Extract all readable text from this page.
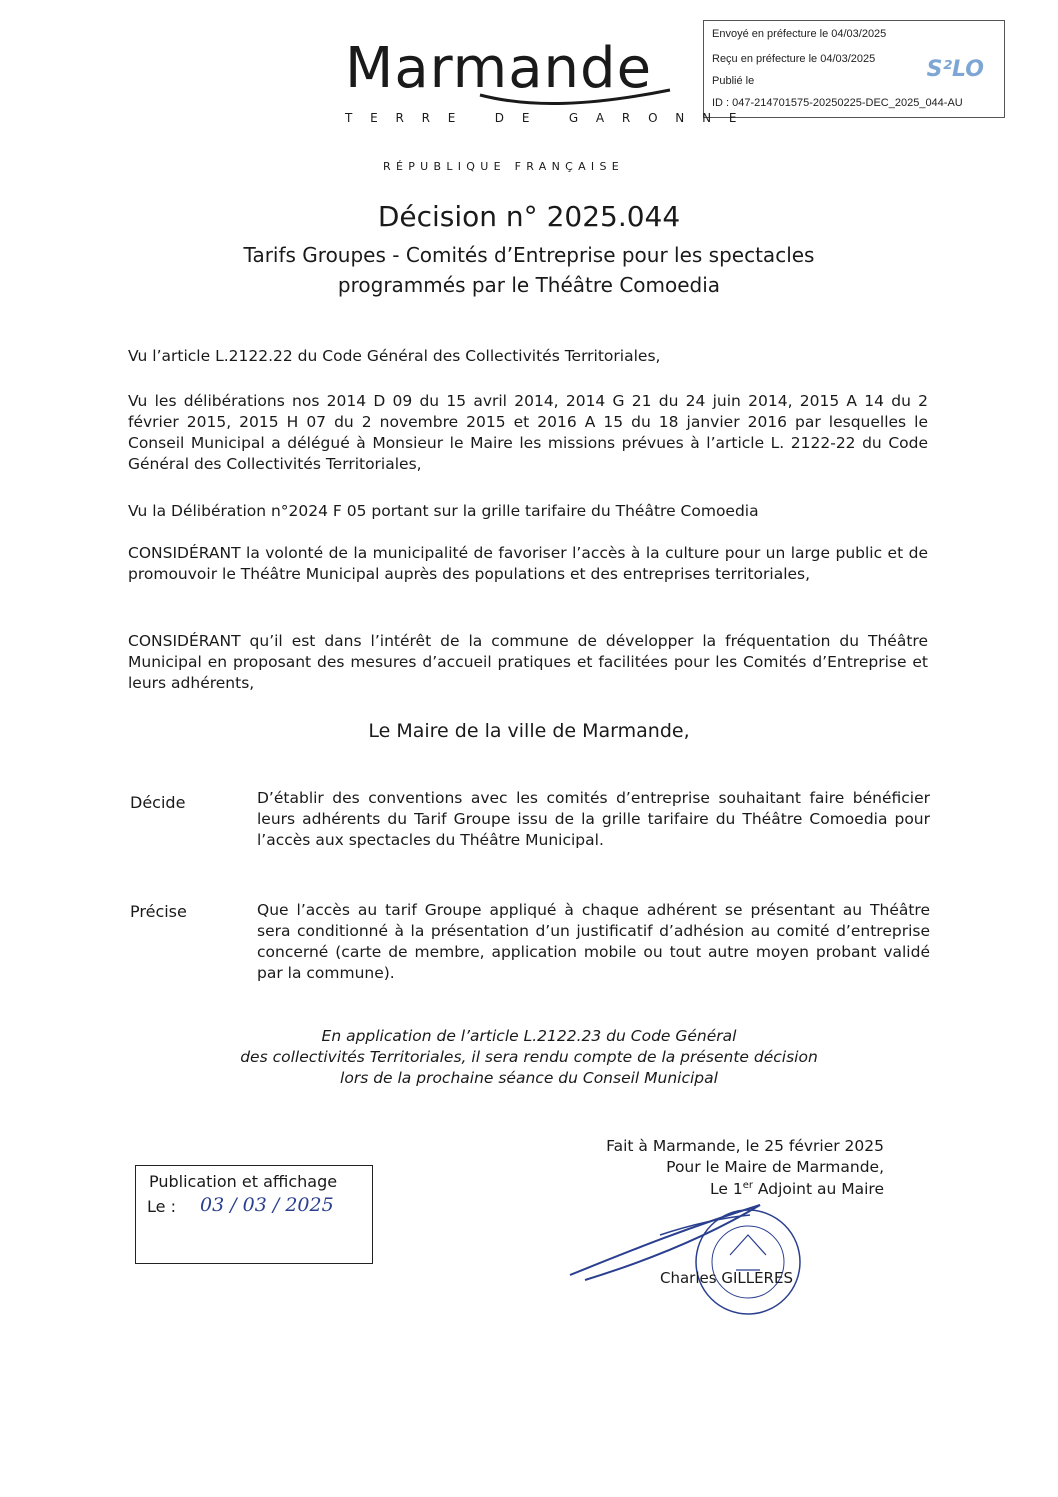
Envoyé en préfecture le 04/03/2025
Reçu en préfecture le 04/03/2025
Publié le
ID : 047-214701575-20250225-DEC_2025_044-AU
S²LO
Marmande
TERRE DE GARONNE
RÉPUBLIQUE FRANÇAISE
Décision n° 2025.044
Tarifs Groupes - Comités d’Entreprise pour les spectacles
programmés par le Théâtre Comoedia
Vu l’article L.2122.22 du Code Général des Collectivités Territoriales,
Vu les délibérations nos 2014 D 09 du 15 avril 2014, 2014 G 21 du 24 juin 2014, 2015 A 14 du 2 février 2015, 2015 H 07 du 2 novembre 2015 et 2016 A 15 du 18 janvier 2016 par lesquelles le Conseil Municipal a délégué à Monsieur le Maire les missions prévues à l’article L. 2122-22 du Code Général des Collectivités Territoriales,
Vu la Délibération n°2024 F 05 portant sur la grille tarifaire du Théâtre Comoedia
CONSIDÉRANT la volonté de la municipalité de favoriser l’accès à la culture pour un large public et de promouvoir le Théâtre Municipal auprès des populations et des entreprises territoriales,
CONSIDÉRANT qu’il est dans l’intérêt de la commune de développer la fréquentation du Théâtre Municipal en proposant des mesures d’accueil pratiques et facilitées pour les Comités d’Entreprise et leurs adhérents,
Le Maire de la ville de Marmande,
Décide	D’établir des conventions avec les comités d’entreprise souhaitant faire bénéficier leurs adhérents du Tarif Groupe issu de la grille tarifaire du Théâtre Comoedia pour l’accès aux spectacles du Théâtre Municipal.
Précise	Que l’accès au tarif Groupe appliqué à chaque adhérent se présentant au Théâtre sera conditionné à la présentation d’un justificatif d’adhésion au comité d’entreprise concerné (carte de membre, application mobile ou tout autre moyen probant validé par la commune).
En application de l’article L.2122.23 du Code Général
des collectivités Territoriales, il sera rendu compte de la présente décision
lors de la prochaine séance du Conseil Municipal
Fait à Marmande, le 25 février 2025
Pour le Maire de Marmande,
Le 1er Adjoint au Maire
Charles GILLERES
Publication et affichage
Le : 03 / 03 / 2025
